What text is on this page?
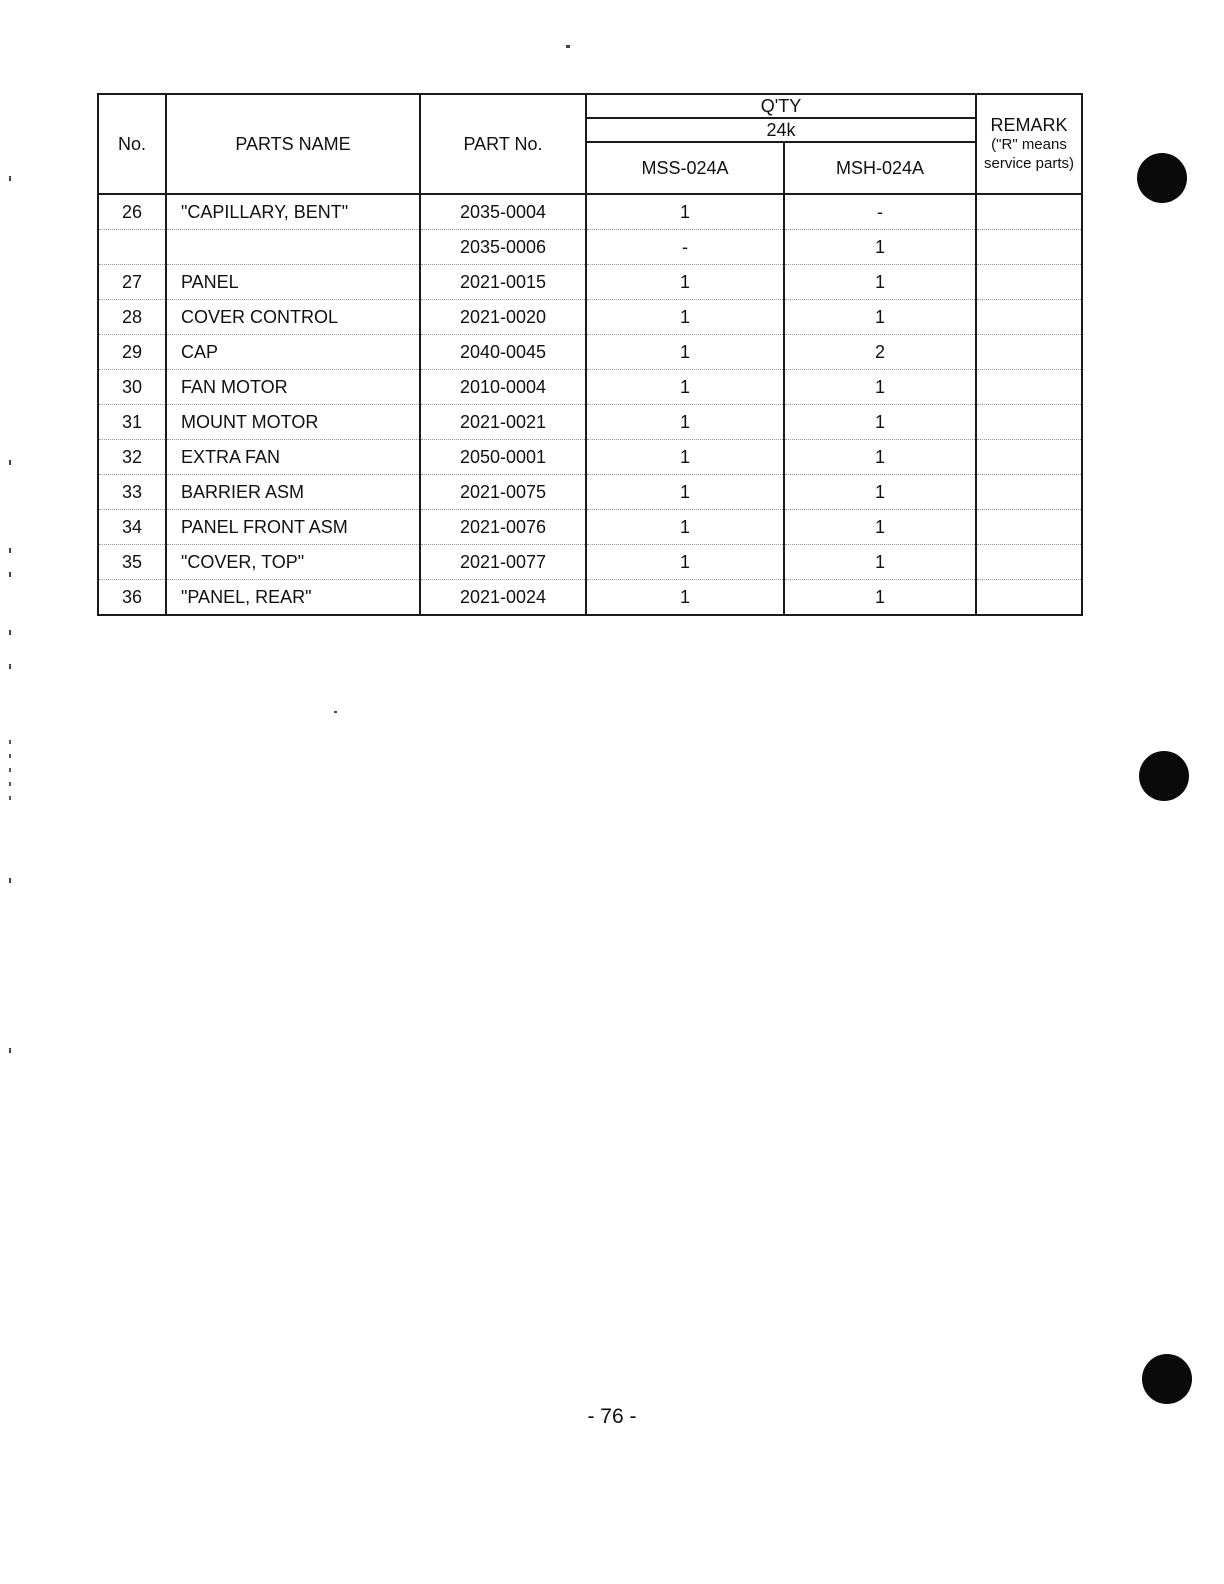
No.	PARTS NAME	PART No.	Q'TY		REMARK
("R" means
service parts)

			24k		
			MSS-024A	MSH-024A	
26	"CAPILLARY, BENT"	2035-0004	1	-	
		2035-0006	-	1	
27	PANEL	2021-0015	1	1	
28	COVER CONTROL	2021-0020	1	1	
29	CAP	2040-0045	1	2	
30	FAN MOTOR	2010-0004	1	1	
31	MOUNT MOTOR	2021-0021	1	1	
32	EXTRA FAN	2050-0001	1	1	
33	BARRIER ASM	2021-0075	1	1	
34	PANEL FRONT ASM	2021-0076	1	1	
35	"COVER, TOP"	2021-0077	1	1	
36	"PANEL, REAR"	2021-0024	1	1	
- 76 -
